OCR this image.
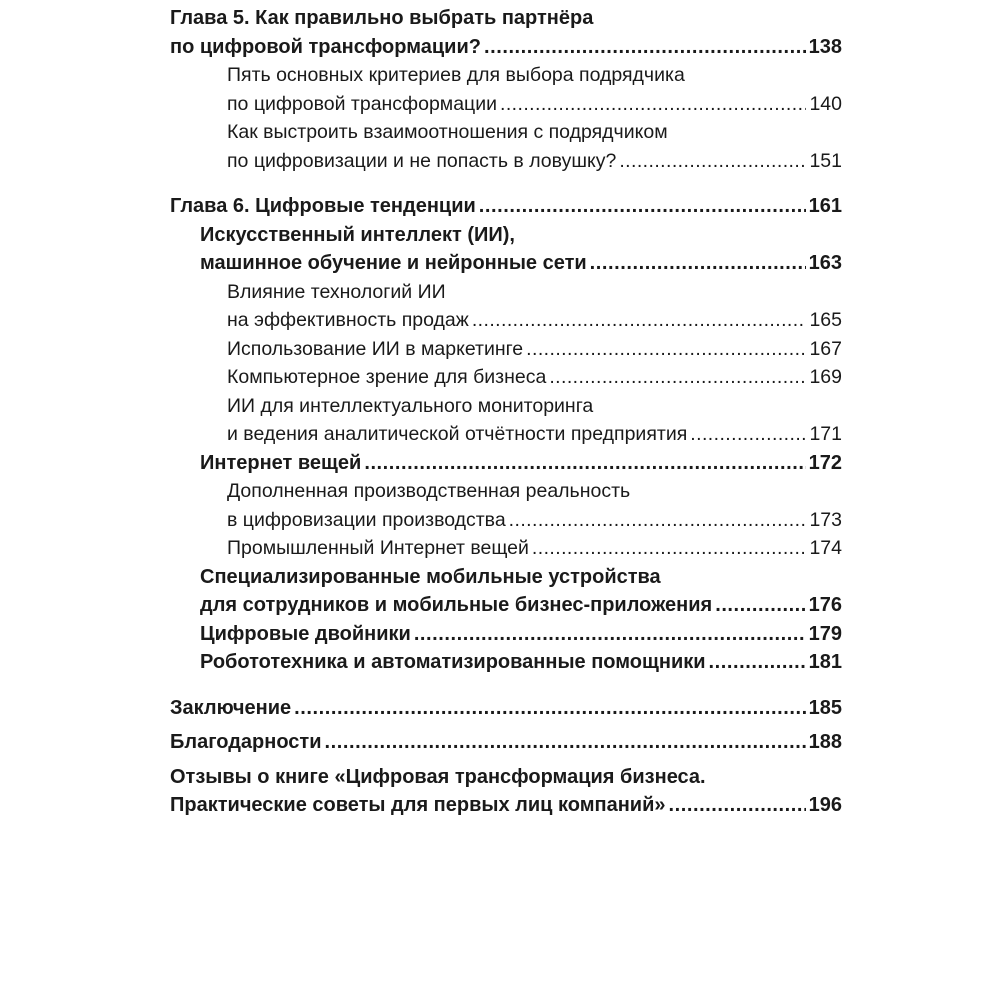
Глава 5. Как правильно выбрать партнёра
по цифровой трансформации? . . .	138
Пять основных критериев для выбора подрядчика
по цифровой трансформации . . .	140
Как выстроить взаимоотношения с подрядчиком
по цифровизации и не попасть в ловушку? . . .	151
Глава 6. Цифровые тенденции . . .	161
Искусственный интеллект (ИИ),
машинное обучение и нейронные сети . . .	163
Влияние технологий ИИ
на эффективность продаж . . .	165
Использование ИИ в маркетинге . . .	167
Компьютерное зрение для бизнеса . . .	169
ИИ для интеллектуального мониторинга
и ведения аналитической отчётности предприятия . . .	171
Интернет вещей . . .	172
Дополненная производственная реальность
в цифровизации производства . . .	173
Промышленный Интернет вещей . . .	174
Специализированные мобильные устройства
для сотрудников и мобильные бизнес-приложения . . .	176
Цифровые двойники . . .	179
Робототехника и автоматизированные помощники . . .	181
Заключение . . .	185
Благодарности . . .	188
Отзывы о книге «Цифровая трансформация бизнеса.
Практические советы для первых лиц компаний» . . .	196
